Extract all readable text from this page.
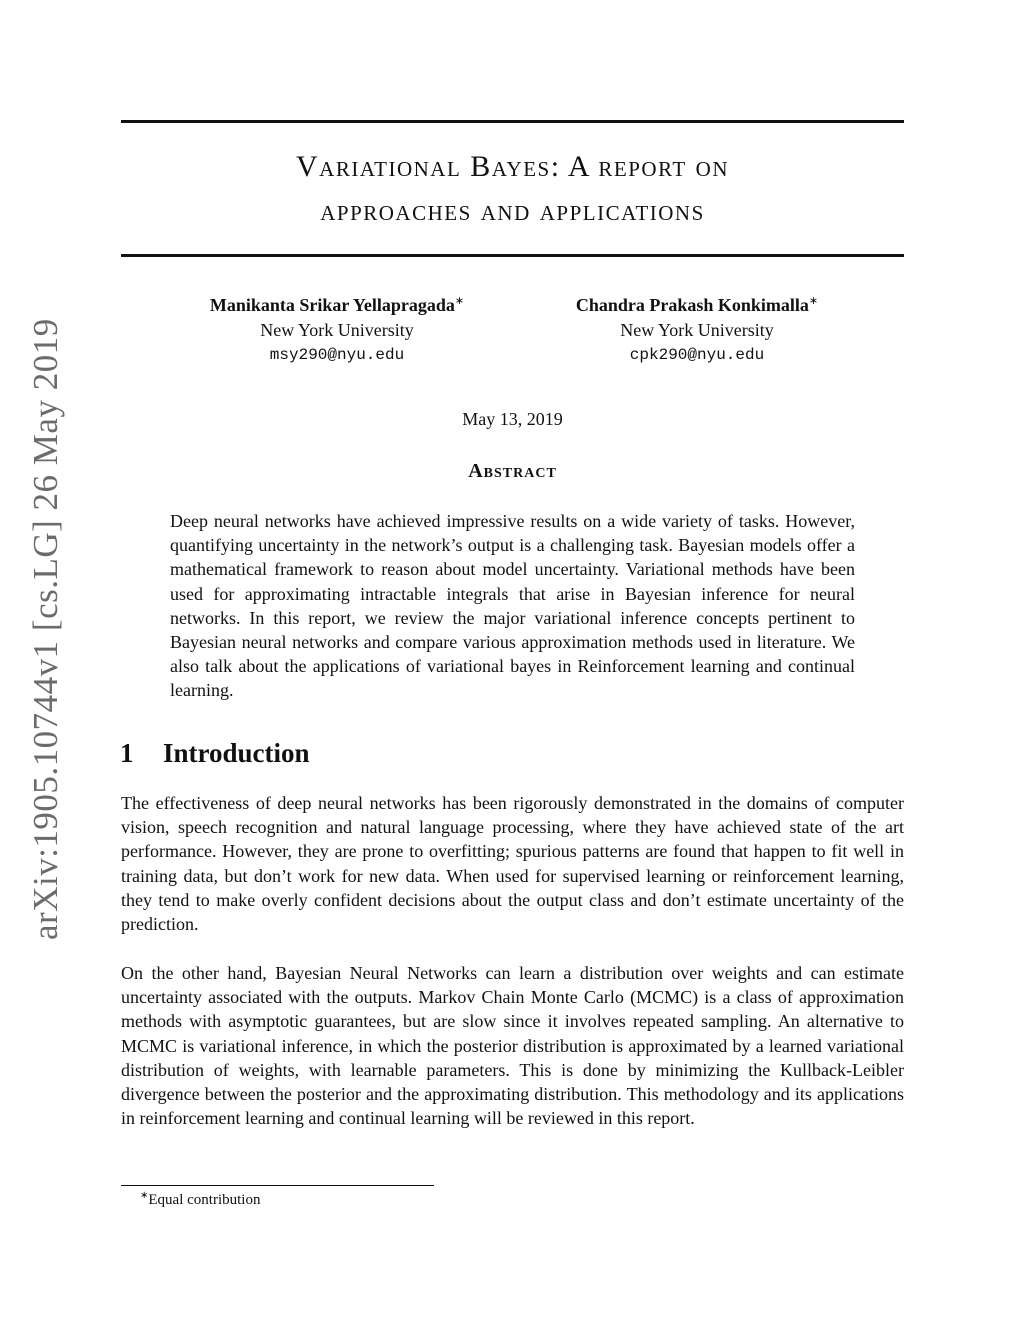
arXiv:1905.10744v1 [cs.LG] 26 May 2019
Variational Bayes: A report on
approaches and applications
Manikanta Srikar Yellapragada∗
New York University
msy290@nyu.edu
Chandra Prakash Konkimalla∗
New York University
cpk290@nyu.edu
May 13, 2019
Abstract

Deep neural networks have achieved impressive results on a wide variety of tasks. However, quantifying uncertainty in the network’s output is a challenging task. Bayesian models offer a mathematical framework to reason about model uncertainty. Variational methods have been used for approximating intractable integrals that arise in Bayesian inference for neural networks. In this report, we review the major variational inference concepts pertinent to Bayesian neural networks and compare various approximation methods used in literature. We also talk about the applications of variational bayes in Reinforcement learning and continual learning.

1 Introduction

The effectiveness of deep neural networks has been rigorously demonstrated in the domains of computer vision, speech recognition and natural language processing, where they have achieved state of the art performance. However, they are prone to overfitting; spurious patterns are found that happen to fit well in training data, but don’t work for new data. When used for supervised learning or reinforcement learning, they tend to make overly confident decisions about the output class and don’t estimate uncertainty of the prediction.

On the other hand, Bayesian Neural Networks can learn a distribution over weights and can estimate uncertainty associated with the outputs. Markov Chain Monte Carlo (MCMC) is a class of approximation methods with asymptotic guarantees, but are slow since it involves repeated sampling. An alternative to MCMC is variational inference, in which the posterior distribution is approximated by a learned variational distribution of weights, with learnable parameters. This is done by minimizing the Kullback-Leibler divergence between the posterior and the approximating distribution. This methodology and its applications in reinforcement learning and continual learning will be reviewed in this report.

∗Equal contribution
